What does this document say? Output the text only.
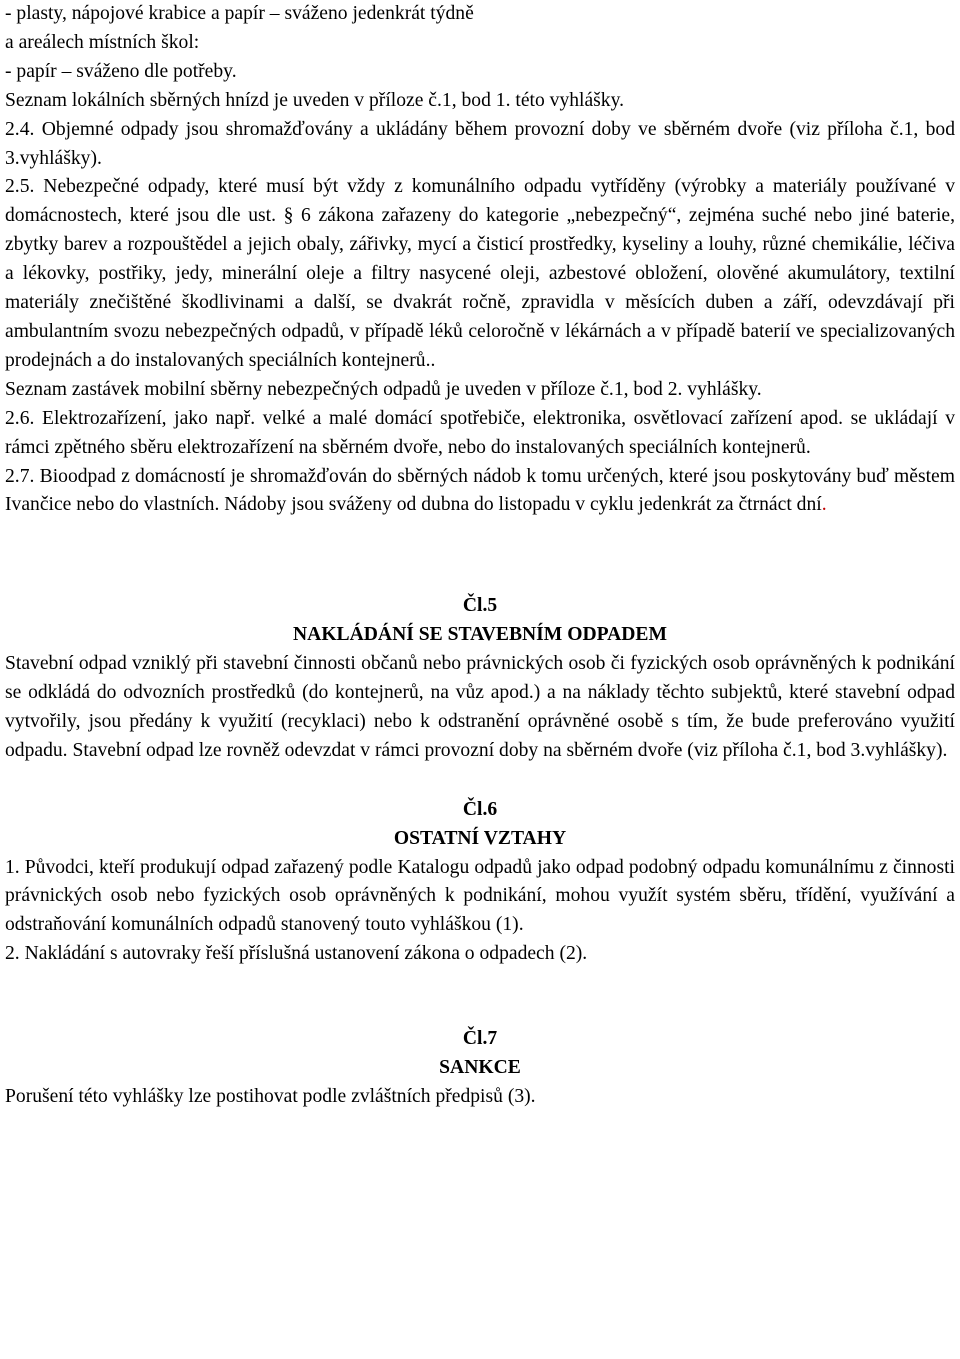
- plasty, nápojové krabice a papír – svážen​o jedenkrát týdně

a areálech místních škol:

- papír – sváženo dle potřeby.

Seznam lokálních sběrných hnízd je uveden v příloze č.1, bod 1. této vyhlášky.

2.4. Objemné odpady jsou shromažďovány a ukládány během provozní doby ve sběrném dvoře (viz příloha č.1, bod 3.vyhlášky).

2.5. Nebezpečné odpady, které musí být vždy z komunálního odpadu vytříděny (výrobky a materiály používané v domácnostech, které jsou dle ust. § 6 zákona zařazeny do kategorie „nebezpečný“, zejména suché nebo jiné baterie, zbytky barev a rozpouštědel a jejich obaly, zářivky, mycí a čisticí prostředky, kyseliny a louhy, různé chemikálie, léčiva a lékovky, postřiky, jedy, minerální oleje a filtry nasycené oleji, azbestové obložení, olověné akumulátory, textilní materiály znečištěné škodlivinami a další, se dvakrát ročně, zpravidla v měsících duben a září, odevzdávají při ambulantním svozu nebezpečných odpadů, v případě léků celoročně v lékárnách a v případě baterií ve specializovaných prodejnách a do instalovaných speciálních kontejnerů..

Seznam zastávek mobilní sběrny nebezpečných odpadů je uveden v příloze č.1, bod 2. vyhlášky.

2.6. Elektrozařízení, jako např. velké a malé domácí spotřebiče, elektronika, osvětlovací zařízení apod. se ukládají v rámci zpětného sběru elektrozařízení na sběrném dvoře, nebo do instalovaných speciálních kontejnerů.

2.7. Bioodpad z domácností je shromažďován do sběrných nádob k tomu určených, které jsou poskytovány buď městem Ivančice nebo do vlastních. Nádoby jsou sváženy od dubna do listopadu v cyklu jedenkrát za čtrnáct dní.

Čl.5

NAKLÁDÁNÍ SE STAVEBNÍM ODPADEM

Stavební odpad vzniklý při stavební činnosti občanů nebo právnických osob či fyzických osob oprávněných k podnikání se odkládá do odvozních prostředků (do kontejnerů, na vůz apod.) a na náklady těchto subjektů, které stavební odpad vytvořily, jsou předány k využití (recyklaci) nebo k odstranění oprávněné osobě s tím, že bude preferováno využití odpadu. Stavební odpad lze rovněž odevzdat v rámci provozní doby na sběrném dvoře (viz příloha č.1, bod 3.vyhlášky).

Čl.6

OSTATNÍ VZTAHY

1. Původci, kteří produkují odpad zařazený podle Katalogu odpadů jako odpad podobný odpadu komunálnímu z činnosti právnických osob nebo fyzických osob oprávněných k podnikání, mohou využít systém sběru, třídění, využívání a odstraňování komunálních odpadů stanovený touto vyhláškou (1).

2. Nakládání s autovraky řeší příslušná ustanovení zákona o odpadech (2).

Čl.7

SANKCE

Porušení této vyhlášky lze postihovat podle zvláštních předpisů (3).
